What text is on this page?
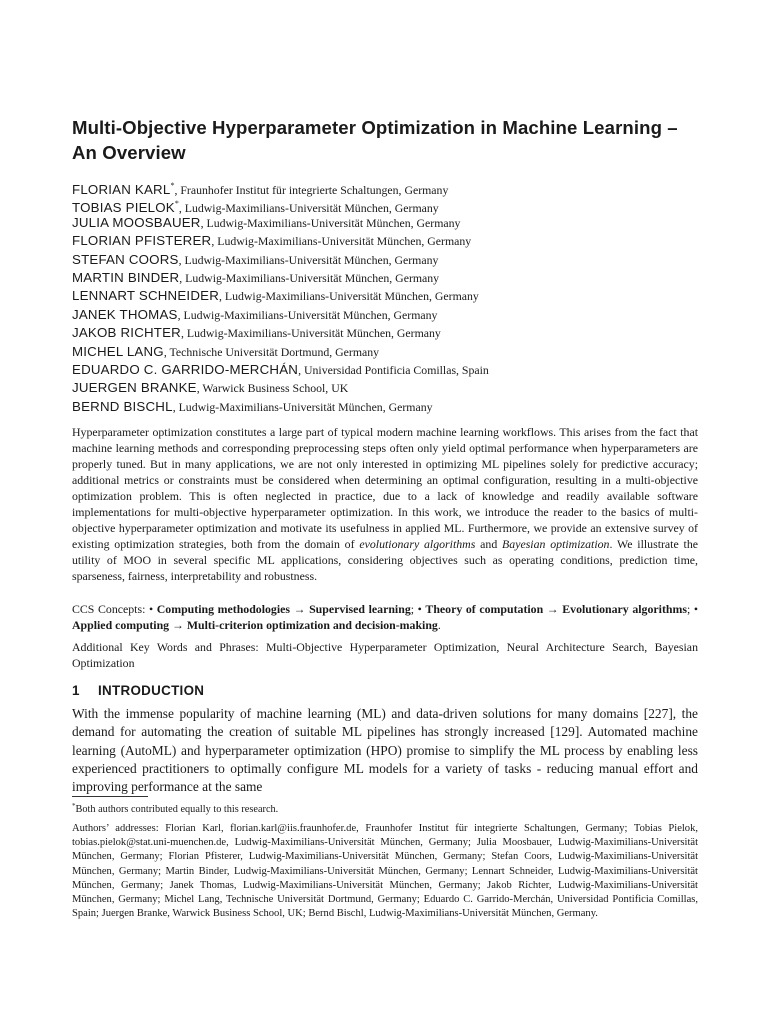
Multi-Objective Hyperparameter Optimization in Machine Learning – An Overview
FLORIAN KARL*, Fraunhofer Institut für integrierte Schaltungen, Germany
TOBIAS PIELOK*, Ludwig-Maximilians-Universität München, Germany
JULIA MOOSBAUER, Ludwig-Maximilians-Universität München, Germany
FLORIAN PFISTERER, Ludwig-Maximilians-Universität München, Germany
STEFAN COORS, Ludwig-Maximilians-Universität München, Germany
MARTIN BINDER, Ludwig-Maximilians-Universität München, Germany
LENNART SCHNEIDER, Ludwig-Maximilians-Universität München, Germany
JANEK THOMAS, Ludwig-Maximilians-Universität München, Germany
JAKOB RICHTER, Ludwig-Maximilians-Universität München, Germany
MICHEL LANG, Technische Universität Dortmund, Germany
EDUARDO C. GARRIDO-MERCHÁN, Universidad Pontificia Comillas, Spain
JUERGEN BRANKE, Warwick Business School, UK
BERND BISCHL, Ludwig-Maximilians-Universität München, Germany
Hyperparameter optimization constitutes a large part of typical modern machine learning workflows. This arises from the fact that machine learning methods and corresponding preprocessing steps often only yield optimal performance when hyperparameters are properly tuned. But in many applications, we are not only interested in optimizing ML pipelines solely for predictive accuracy; additional metrics or constraints must be considered when determining an optimal configuration, resulting in a multi-objective optimization problem. This is often neglected in practice, due to a lack of knowledge and readily available software implementations for multi-objective hyperparameter optimization. In this work, we introduce the reader to the basics of multi-objective hyperparameter optimization and motivate its usefulness in applied ML. Furthermore, we provide an extensive survey of existing optimization strategies, both from the domain of evolutionary algorithms and Bayesian optimization. We illustrate the utility of MOO in several specific ML applications, considering objectives such as operating conditions, prediction time, sparseness, fairness, interpretability and robustness.
CCS Concepts: • Computing methodologies → Supervised learning; • Theory of computation → Evolutionary algorithms; • Applied computing → Multi-criterion optimization and decision-making.
Additional Key Words and Phrases: Multi-Objective Hyperparameter Optimization, Neural Architecture Search, Bayesian Optimization
1 INTRODUCTION
With the immense popularity of machine learning (ML) and data-driven solutions for many domains [227], the demand for automating the creation of suitable ML pipelines has strongly increased [129]. Automated machine learning (AutoML) and hyperparameter optimization (HPO) promise to simplify the ML process by enabling less experienced practitioners to optimally configure ML models for a variety of tasks - reducing manual effort and improving performance at the same
*Both authors contributed equally to this research.
Authors’ addresses: Florian Karl, florian.karl@iis.fraunhofer.de, Fraunhofer Institut für integrierte Schaltungen, Germany; Tobias Pielok, tobias.pielok@stat.uni-muenchen.de, Ludwig-Maximilians-Universität München, Germany; Julia Moosbauer, Ludwig-Maximilians-Universität München, Germany; Florian Pfisterer, Ludwig-Maximilians-Universität München, Germany; Stefan Coors, Ludwig-Maximilians-Universität München, Germany; Martin Binder, Ludwig-Maximilians-Universität München, Germany; Lennart Schneider, Ludwig-Maximilians-Universität München, Germany; Janek Thomas, Ludwig-Maximilians-Universität München, Germany; Jakob Richter, Ludwig-Maximilians-Universität München, Germany; Michel Lang, Technische Universität Dortmund, Germany; Eduardo C. Garrido-Merchán, Universidad Pontificia Comillas, Spain; Juergen Branke, Warwick Business School, UK; Bernd Bischl, Ludwig-Maximilians-Universität München, Germany.
